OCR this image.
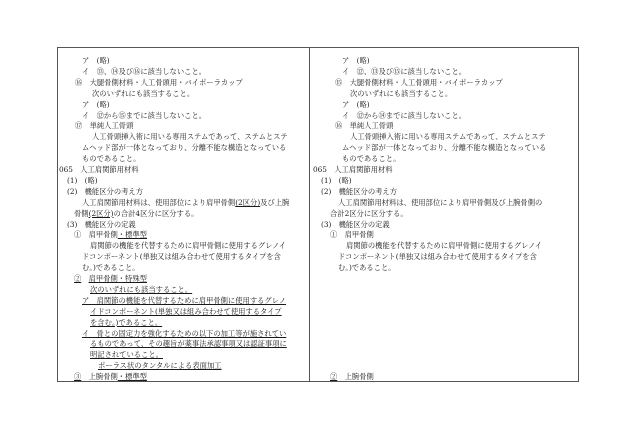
ア　(略)
イ　⑬、⑭及び⑯に該当しないこと。
⑯　大腿骨側材料・人工骨頭用・バイポーラカップ
次のいずれにも該当すること。
ア　(略)
イ　⑫から⑮までに該当しないこと。
⑰　単純人工骨頭
人工骨頭挿入術に用いる専用ステムであって、ステムとステ
ムヘッド部が一体となっており、分離不能な構造となっている
ものであること。
065　人工肩関節用材料
(1)　(略)
(2)　機能区分の考え方
人工肩関節用材料は、使用部位により肩甲骨側(2区分)及び上腕
骨側(2区分)の合計4区分に区分する。
(3)　機能区分の定義
①　肩甲骨側・標準型
肩関節の機能を代替するために肩甲骨側に使用するグレノイ
ドコンポーネント(単独又は組み合わせて使用するタイプを含
む。)であること。
②　 肩甲骨側・特殊型
次のいずれにも該当すること。
ア　肩関節の機能を代替するために肩甲骨側に使用するグレノ
イドコンポーネント(単独又は組み合わせて使用するタイプ
を含む。)であること。
イ　骨との固定力を強化するための以下の加工等が施されてい
るものであって、その趣旨が薬事法承認事項又は認証事項に
明記されていること。
ポーラス状のタンタルによる表面加工
③　 上腕骨側・標準型
ア　(略)
イ　⑫、⑬及び⑮に該当しないこと。
⑮　大腿骨側材料・人工骨頭用・バイポーラカップ
次のいずれにも該当すること。
ア　(略)
イ　⑫から⑭までに該当しないこと。
⑯　単純人工骨頭
人工骨頭挿入術に用いる専用ステムであって、ステムとステ
ムヘッド部が一体となっており、分離不能な構造となっている
ものであること。
065　人工肩関節用材料
(1)　(略)
(2)　機能区分の考え方
人工肩関節用材料は、使用部位により肩甲骨側及び上腕骨側の
合計2区分に区分する。
(3)　機能区分の定義
①　肩甲骨側
肩関節の機能を代替するために肩甲骨側に使用するグレノイ
ドコンポーネント(単独又は組み合わせて使用するタイプを含
む。)であること。
②　上腕骨側
